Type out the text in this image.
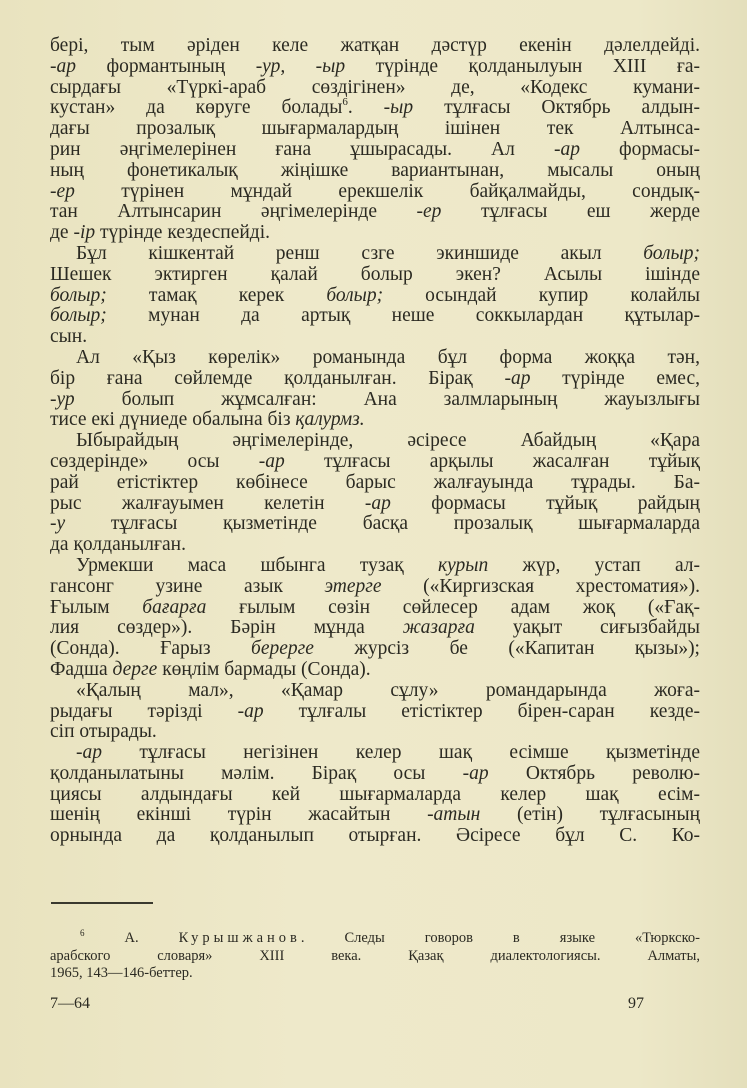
берi, тым әрiден келе жатқан дәстүр екенiн дәлелдейдi.
-ар формантының -ур, -ыр түрiнде қолданылуын XIII ға-
сырдағы «Түркi-араб сөздiгiнен» де, «Кодекс кумани-
кустан» да көруге болады$^6$. -ыр тұлғасы Октябрь алдын-
дағы прозалық шығармалардың iшiнен тек Алтынса-
рин әңгiмелерiнен ғана ұшырасады. Ал -ар формасы-
ның фонетикалық жiңiшке вариантынан, мысалы оның
-ер түрiнен мұндай ерекшелiк байқалмайды, сондық-
тан Алтынсарин әңгiмелерiнде -ер тұлғасы еш жерде
де -iр түрiнде кездеспейдi.
Бұл кiшкентай ренш сзге экиншиде акыл болыр;
Шешек эктирген қалай болыр экен? Асылы iшiнде
болыр; тамақ керек болыр; осындай купир колайлы
болыр; мунан да артық неше соккылардан құтылар-
сын.
Ал «Қыз көрелiк» романында бұл форма жоққа тән,
бiр ғана сөйлемде қолданылған. Бiрақ -ар түрiнде емес,
-ур болып жұмсалған: Ана залмларының жауызлығы
тисе екi дүниеде обалына бiз қалурмз.
Ыбырайдың әңгiмелерiнде, әсiресе Абайдың «Қара
сөздерiнде» осы -ар тұлғасы арқылы жасалған тұйық
рай етiстiктер көбiнесе барыс жалғауында тұрады. Ба-
рыс жалғауымен келетiн -ар формасы тұйық райдың
-у тұлғасы қызметiнде басқа прозалық шығармаларда
да қолданылған.
Урмекши маса шбынга тузақ курып жүр, устап ал-
гансонг узине азык этерге («Киргизская хрестоматия»).
Ғылым бағарға ғылым сөзiн сөйлесер адам жоқ («Ғақ-
лия сөздер»). Бәрiн мұнда жазарға уақыт сиғызбайды
(Сонда). Ғарыз берерге журсiз бе («Капитан қызы»);
Фадша дерге көңлiм бармады (Сонда).
«Қалың мал», «Қамар сұлу» романдарында жоға-
рыдағы тәрiздi -ар тұлғалы етiстiктер бiрен-саран кезде-
сiп отырады.
-ар тұлғасы негiзiнен келер шақ есiмше қызметiнде
қолданылатыны мәлiм. Бiрақ осы -ар Октябрь револю-
циясы алдындағы кей шығармаларда келер шақ есiм-
шенiң екiншi түрiн жасайтын -атын (етiн) тұлғасының
орнында да қолданылып отырған. Әсiресе бұл С. Ко-
$^6$ А. Курышжанов. Следы говоров в языке «Тюркско-
арабского словаря» XIII века. Қазақ диалектологиясы. Алматы,
1965, 143—146-беттер.
7—64	97
